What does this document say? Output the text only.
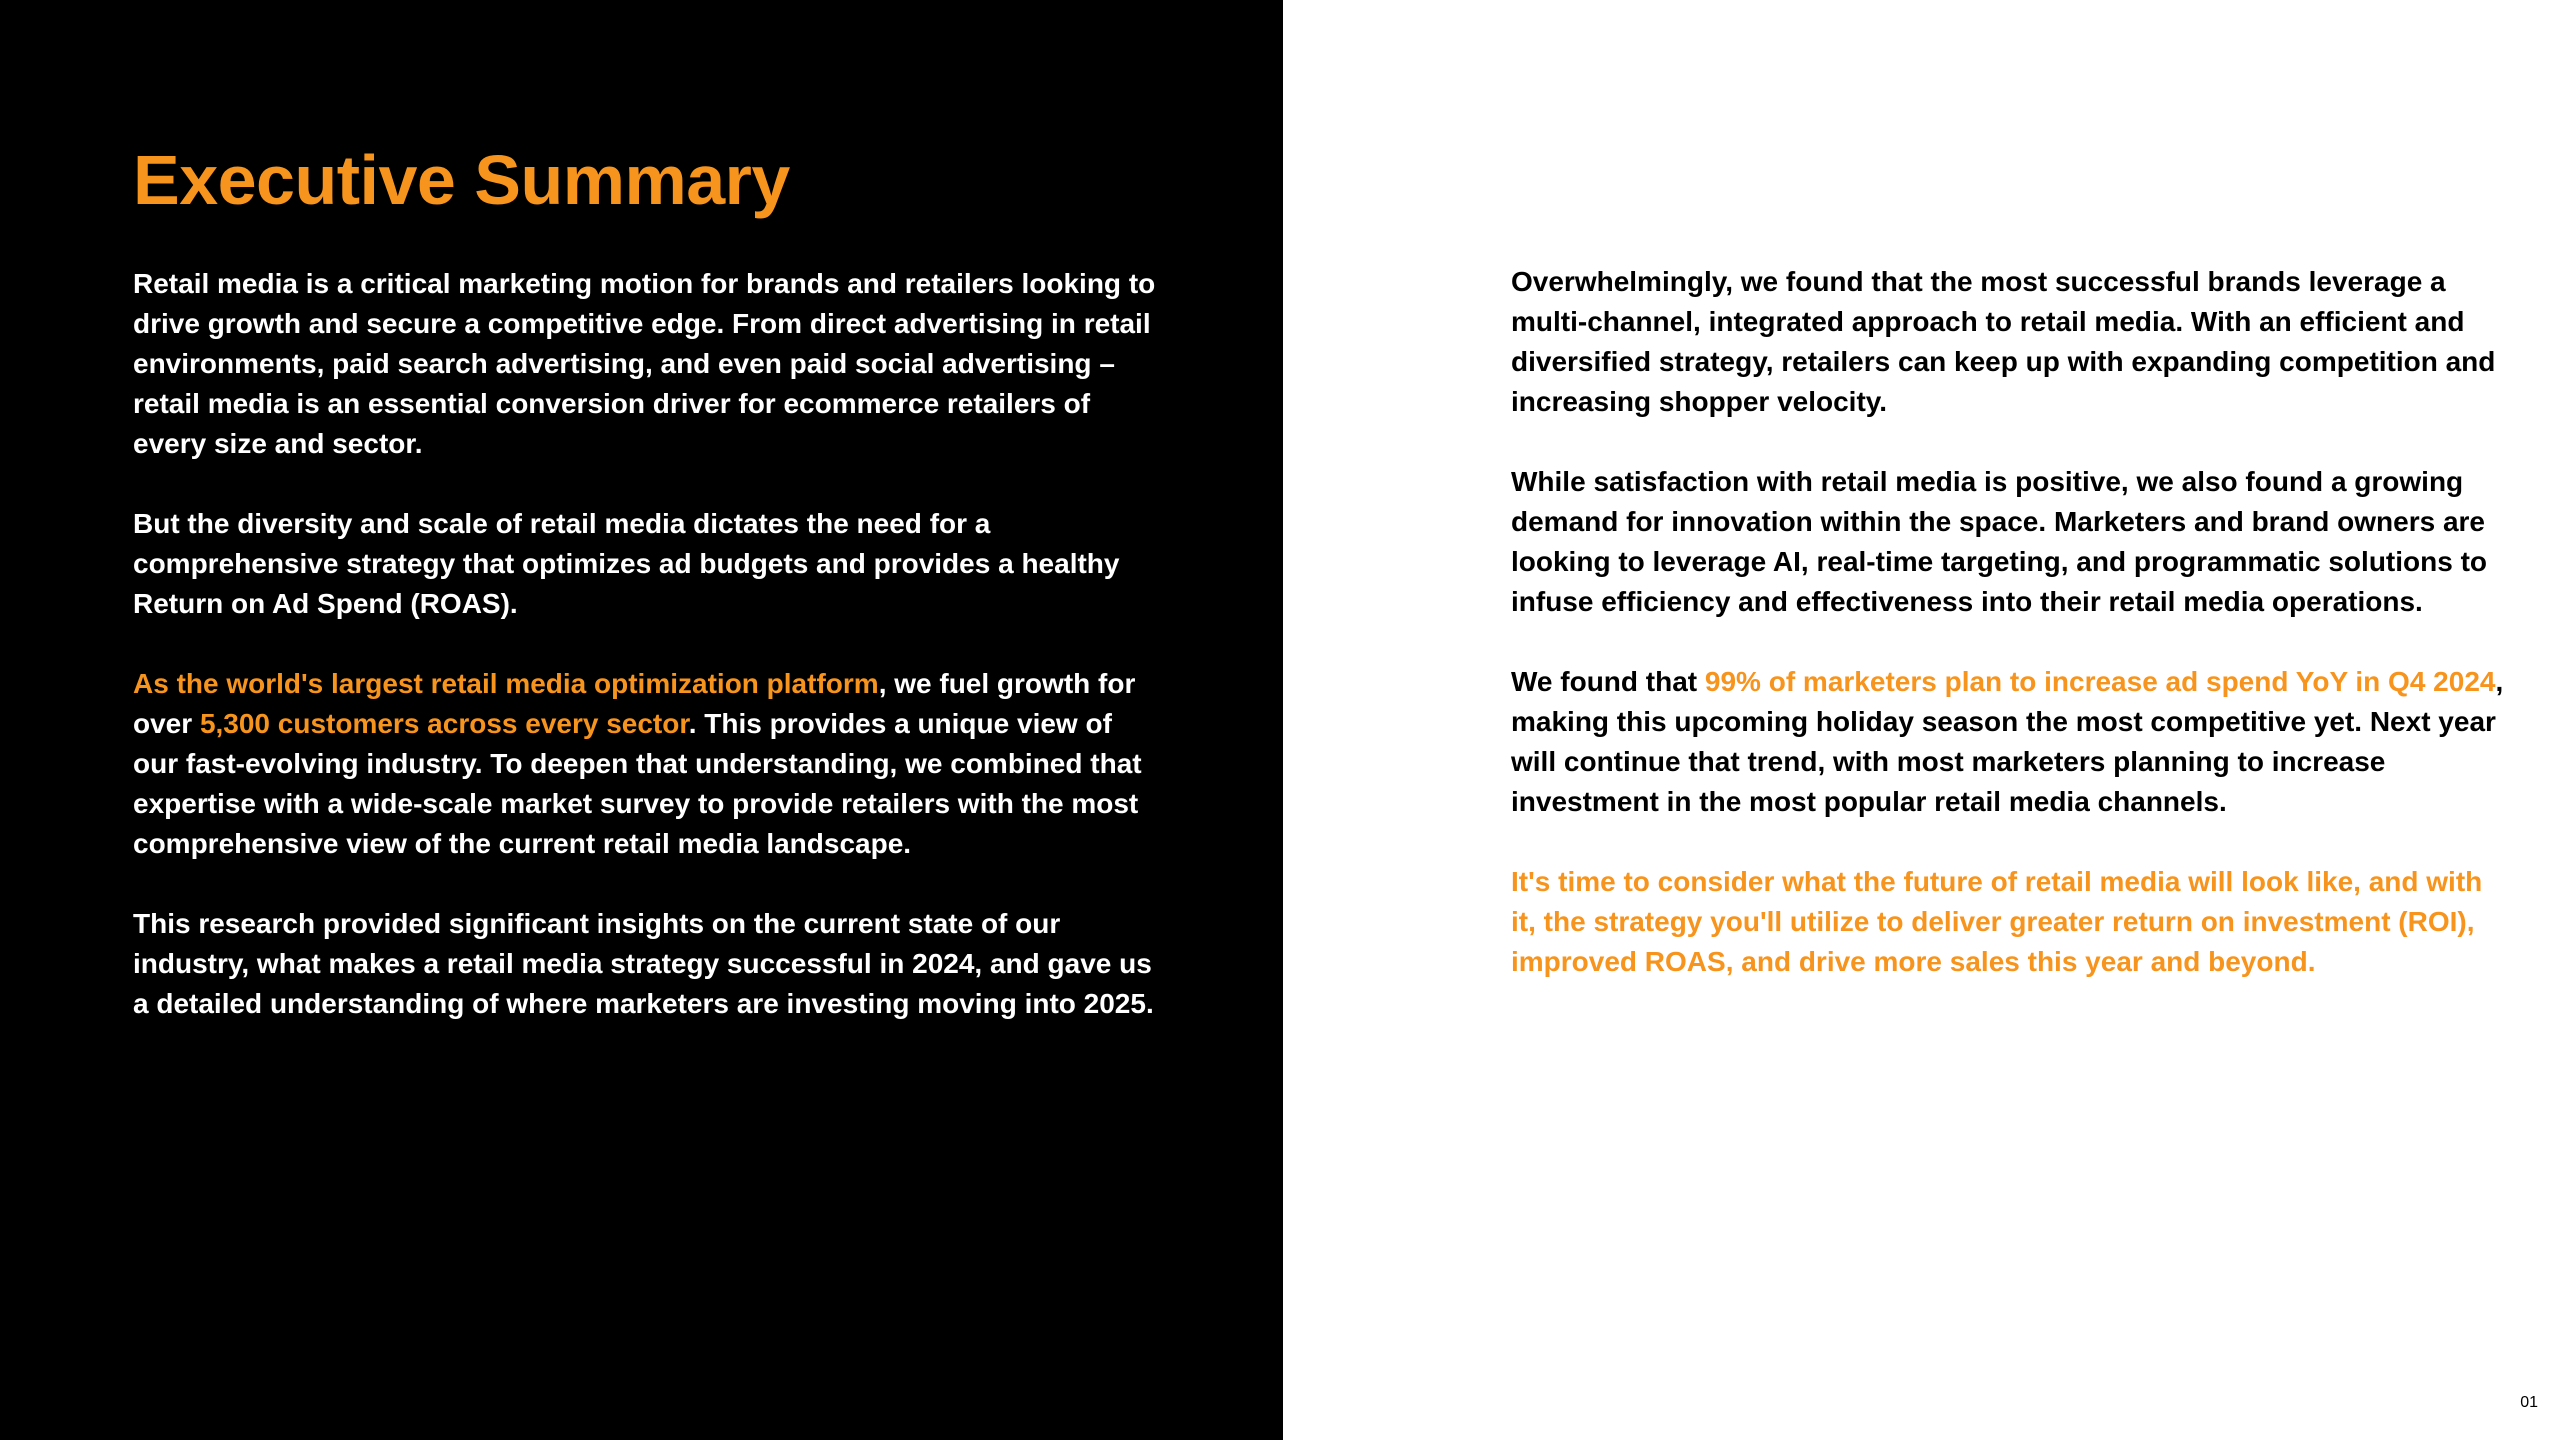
Executive Summary

Retail media is a critical marketing motion for brands and retailers looking to drive growth and secure a competitive edge. From direct advertising in retail environments, paid search advertising, and even paid social advertising – retail media is an essential conversion driver for ecommerce retailers of every size and sector.

But the diversity and scale of retail media dictates the need for a comprehensive strategy that optimizes ad budgets and provides a healthy Return on Ad Spend (ROAS).

As the world's largest retail media optimization platform, we fuel growth for over 5,300 customers across every sector. This provides a unique view of our fast-evolving industry. To deepen that understanding, we combined that expertise with a wide-scale market survey to provide retailers with the most comprehensive view of the current retail media landscape.

This research provided significant insights on the current state of our industry, what makes a retail media strategy successful in 2024, and gave us a detailed understanding of where marketers are investing moving into 2025.

Overwhelmingly, we found that the most successful brands leverage a multi-channel, integrated approach to retail media. With an efficient and diversified strategy, retailers can keep up with expanding competition and increasing shopper velocity.

While satisfaction with retail media is positive, we also found a growing demand for innovation within the space. Marketers and brand owners are looking to leverage AI, real-time targeting, and programmatic solutions to infuse efficiency and effectiveness into their retail media operations.

We found that 99% of marketers plan to increase ad spend YoY in Q4 2024, making this upcoming holiday season the most competitive yet. Next year will continue that trend, with most marketers planning to increase investment in the most popular retail media channels.

It's time to consider what the future of retail media will look like, and with it, the strategy you'll utilize to deliver greater return on investment (ROI), improved ROAS, and drive more sales this year and beyond.

01
